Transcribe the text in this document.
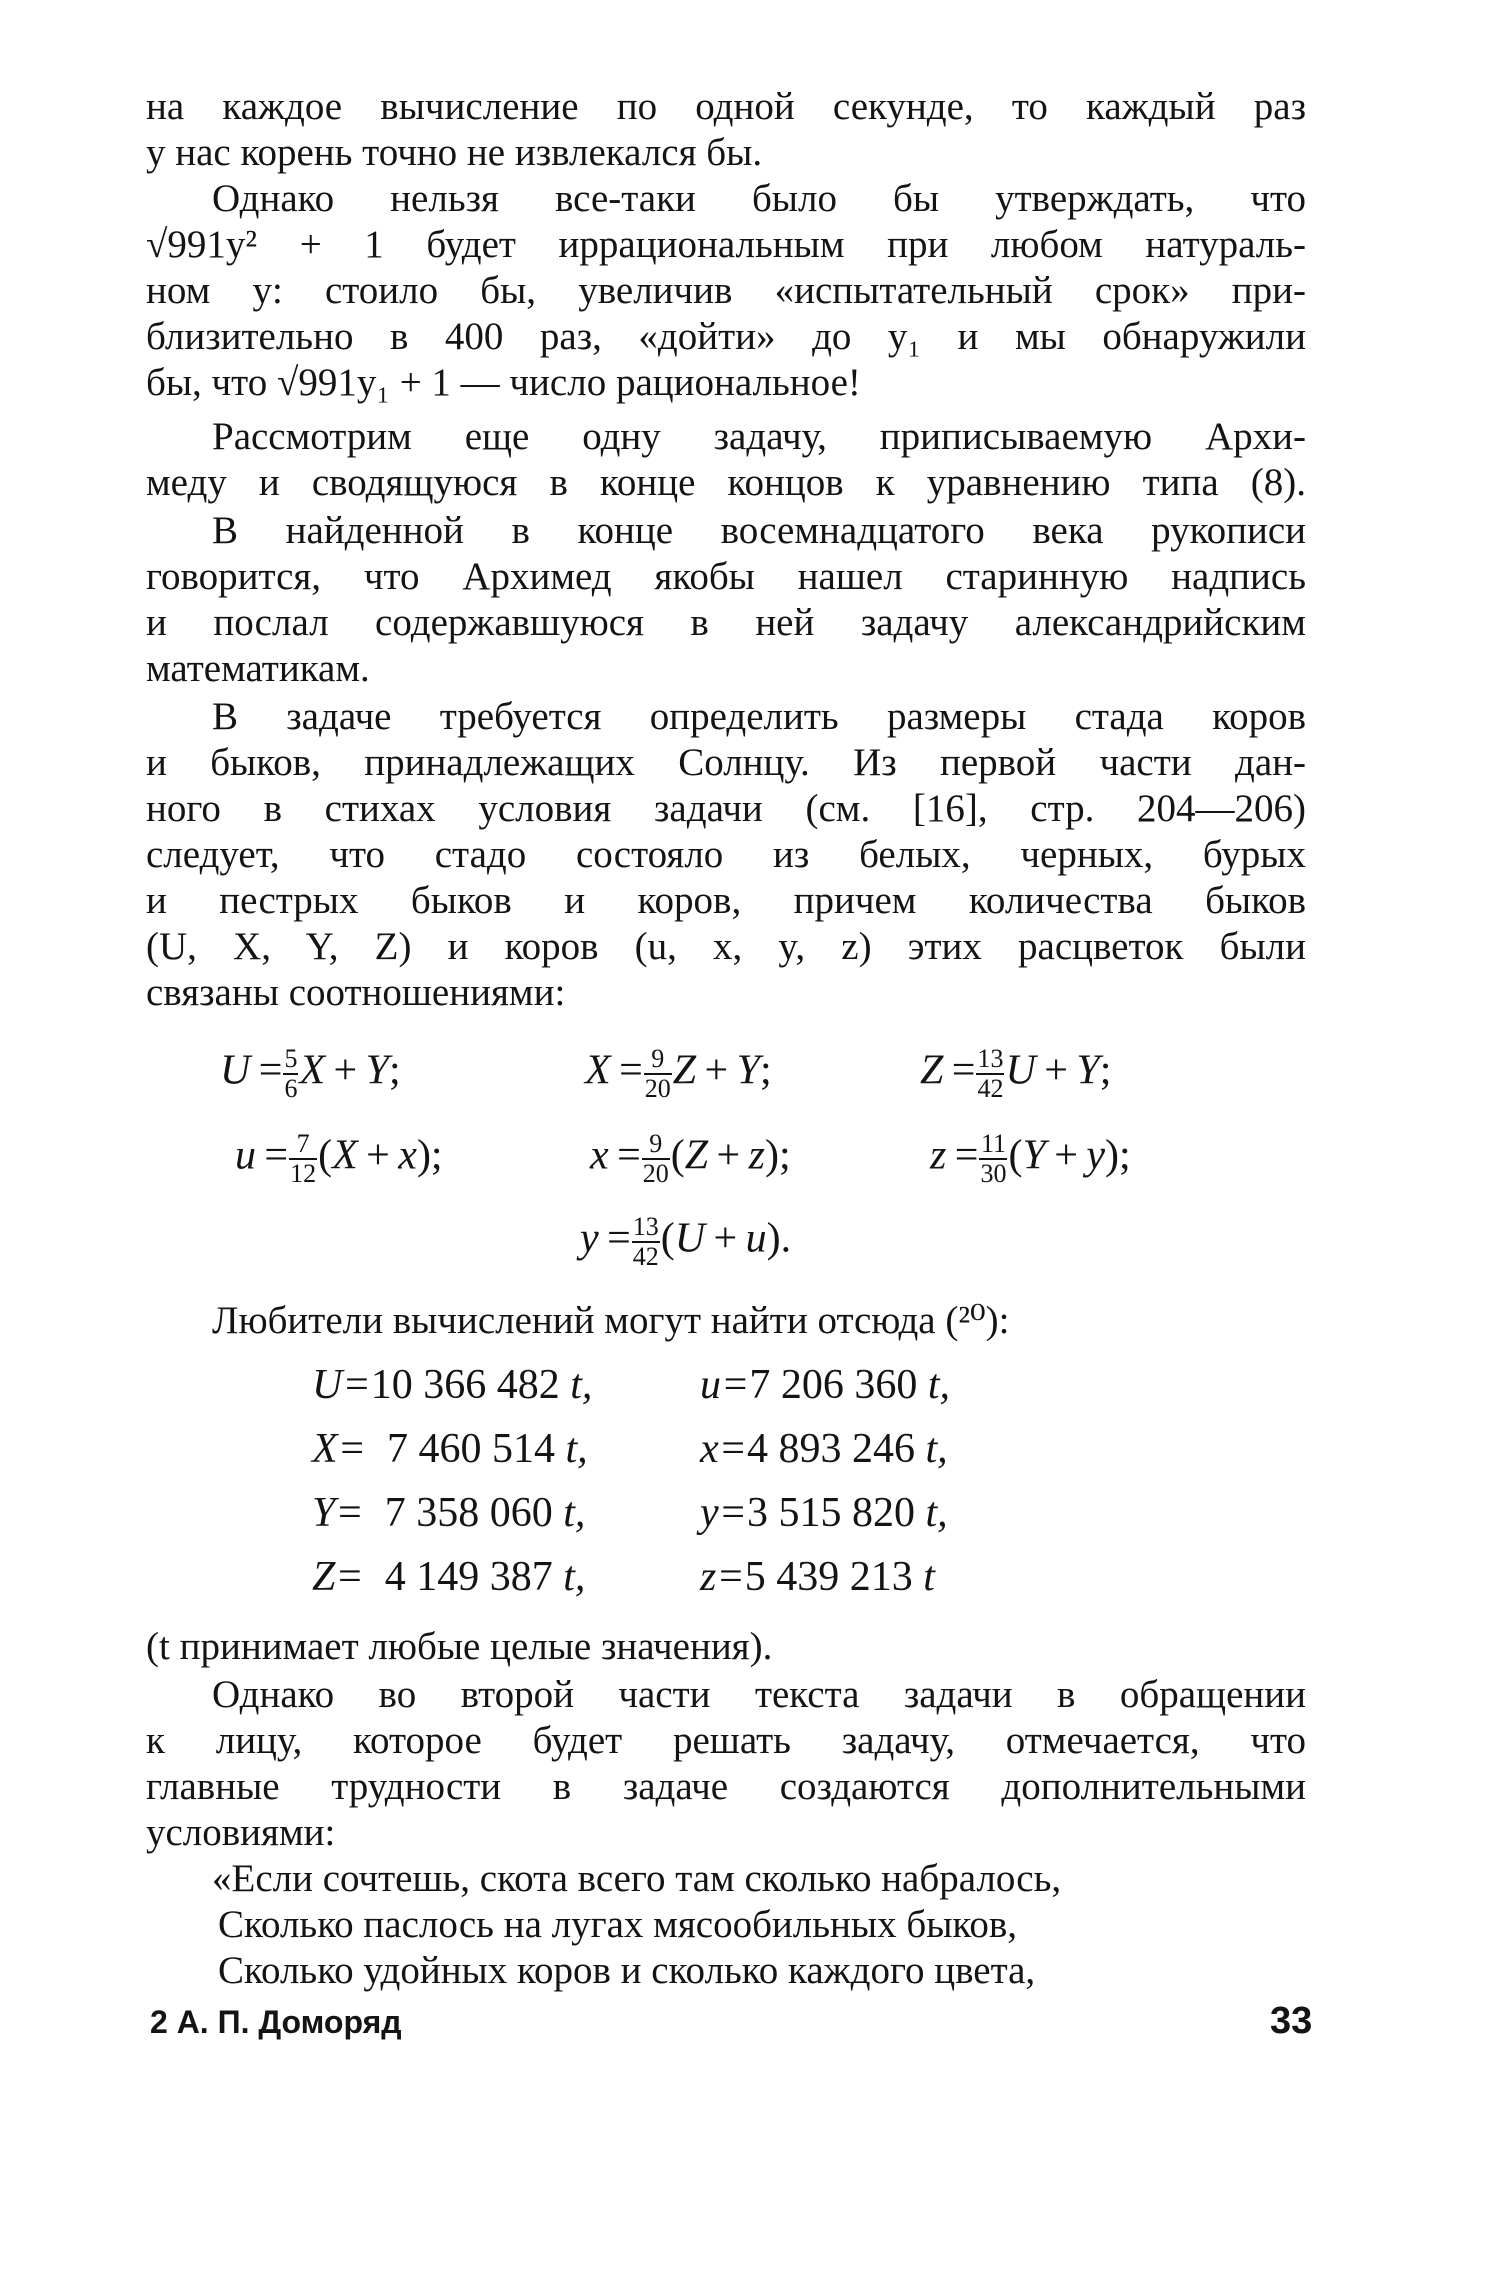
на каждое вычисление по одной секунде, то каждый раз
у нас корень точно не извлекался бы.
Однако нельзя все-таки было бы утверждать, что
√991y² + 1 будет иррациональным при любом натураль-
ном y: стоило бы, увеличив «испытательный срок» при-
близительно в 400 раз, «дойти» до y₁ и мы обнаружили
бы, что √991y₁ + 1 — число рациональное!
Рассмотрим еще одну задачу, приписываемую Архи-
меду и сводящуюся в конце концов к уравнению типа (8).
В найденной в конце восемнадцатого века рукописи
говорится, что Архимед якобы нашел старинную надпись
и послал содержавшуюся в ней задачу александрийским
математикам.
В задаче требуется определить размеры стада коров
и быков, принадлежащих Солнцу. Из первой части дан-
ного в стихах условия задачи (см. [16], стр. 204—206)
следует, что стадо состояло из белых, черных, бурых
и пестрых быков и коров, причем количества быков
(U, X, Y, Z) и коров (u, x, y, z) этих расцветок были
связаны соотношениями:
$U = \frac{5}{6}$ X + Y;	$X = \frac{9}{20}$ Z + Y;	$Z = \frac{13}{42}$ U + Y;
$u = \frac{7}{12} (X + x)$;	$x = \frac{9}{20} (Z + z)$;	$z = \frac{11}{30} (Y + y)$;
$y = \frac{13}{42} (U + u)$.
Любители вычислений могут найти отсюда (²⁰):
U=10 366 482 t,	u=7 206 360 t,
X= 7 460 514 t,	x=4 893 246 t,
Y= 7 358 060 t,	y=3 515 820 t,
Z= 4 149 387 t,	z=5 439 213 t
(t принимает любые целые значения).
Однако во второй части текста задачи в обращении
к лицу, которое будет решать задачу, отмечается, что
главные трудности в задаче создаются дополнительными
условиями:
«Если сочтешь, скота всего там сколько набралось,
Сколько паслось на лугах мясообильных быков,
Сколько удойных коров и сколько каждого цвета,
2 А. П. Доморяд	33
